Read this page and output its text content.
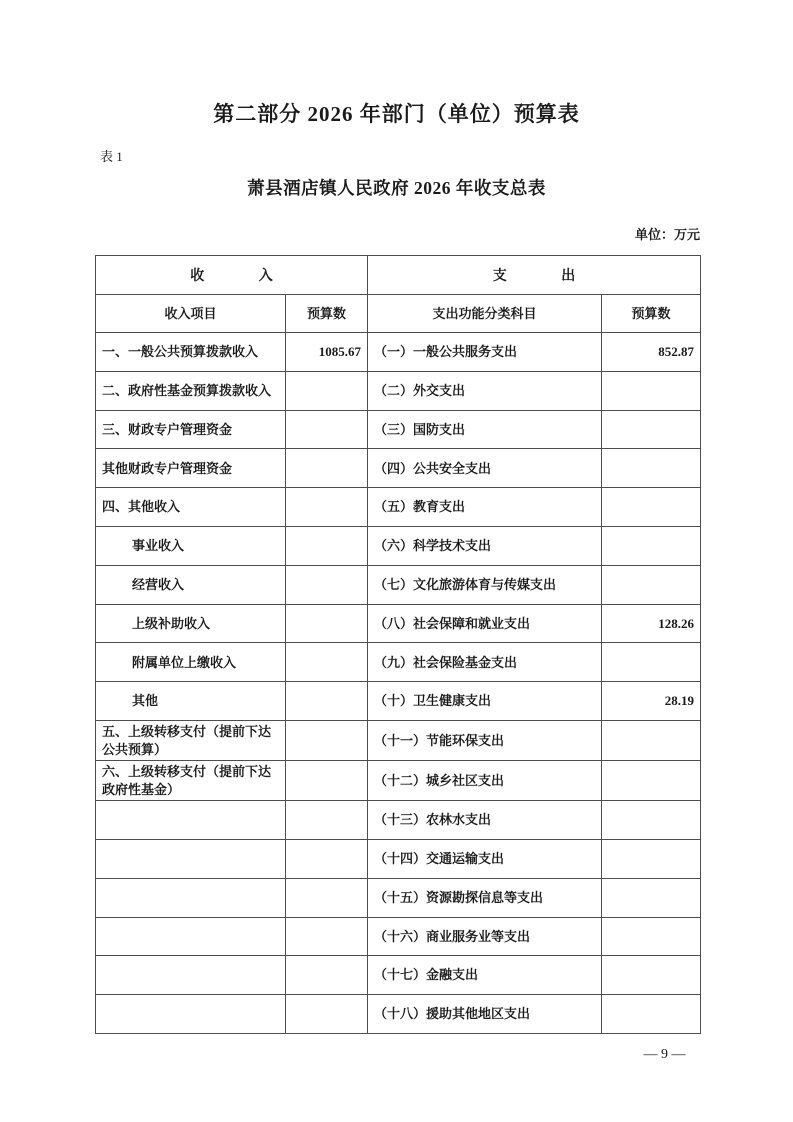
第二部分 2026 年部门（单位）预算表
表 1
萧县酒店镇人民政府 2026 年收支总表
单位：万元
收              入		支              出	
收入项目	预算数	支出功能分类科目	预算数
一、一般公共预算拨款收入	1085.67	（一）一般公共服务支出	852.87
二、政府性基金预算拨款收入		（二）外交支出	
三、财政专户管理资金		（三）国防支出	
其他财政专户管理资金		（四）公共安全支出	
四、其他收入		（五）教育支出	
事业收入		（六）科学技术支出	
经营收入		（七）文化旅游体育与传媒支出	
上级补助收入		（八）社会保障和就业支出	128.26
附属单位上缴收入		（九）社会保险基金支出	
其他		（十）卫生健康支出	28.19
五、上级转移支付（提前下达公共预算）		（十一）节能环保支出	
六、上级转移支付（提前下达政府性基金）		（十二）城乡社区支出	
		（十三）农林水支出	
		（十四）交通运输支出	
		（十五）资源勘探信息等支出	
		（十六）商业服务业等支出	
		（十七）金融支出	
		（十八）援助其他地区支出	
— 9 —
